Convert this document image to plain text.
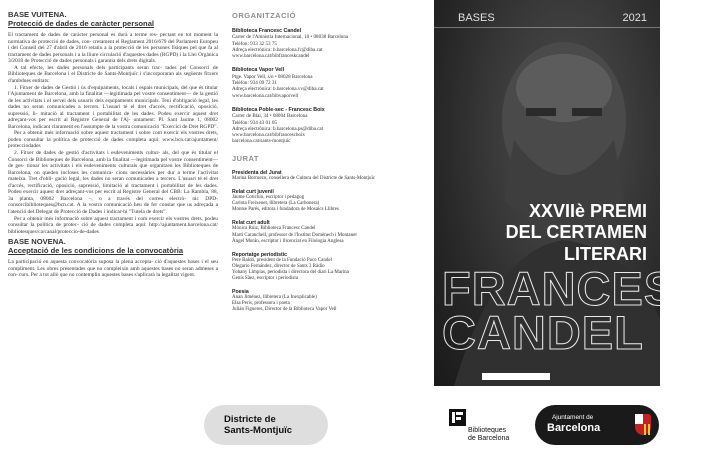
BASE VUITENA.
Protecció de dades de caràcter personal

El tractament de dades de caràcter personal es durà a terme res- pectant en tot moment la normativa de protecció de dades, con- cretament el Reglament 2016/679 del Parlament Europeu i del Consell del 27 d'abril de 2016 relatiu a la protecció de les persones físiques pel que fa al tractament de dades personals i a la lliure circulació d'aquestes dades (RGPD) i la Llei Orgànica 3/2018 de Protecció de dades personals i garantia dels drets digitals.

A tal efecte, les dades personals dels participants seran trac- tades pel Consorci de Biblioteques de Barcelona i el Districte de Sants-Montjuïc i s'incorporaran als següents fitxers d'ambdues entitats:

1. Fitxer de dades de Gestió i ús d'equipaments, locals i espais municipals, del que és titular l'Ajuntament de Barcelona, amb la finalitat —legitimada pel vostre consentiment— de la gestió de les activitats i el servei dels usuaris dels equipaments municipals. Teni d'obligació legal, les dades no seran comunicades a tercers. L'usuari té el dret d'accés, rectificació, oposició, supressió, li- mitació al tractament i portabilitat de les dades. Podeu exercir aquest dret adreçant-vos per escrit al Registre General de l'Aj- untament: Pl. Sant Jaume 1, 08002 Barcelona, indicant clarament en l'assumpte de la vostra comunicació "Exercici de Dret RGPD".

Per a obtenir més informació sobre aquest tractament i sobre com exercir els vostres drets, podeu consultar la política de protecció de dades completa aquí: www.bcn.cat/ajuntament/ protecciodades

2. Fitxer de dades de gestió d'activitats i esdeveniments cultur- als, del que és titular el Consorci de Biblioteques de Barcelona, amb la finalitat —legitimada pel vostre consentiment— de ges- tionar les activitats i els esdeveniments culturals que organitzen les Biblioteques de Barcelona, on queden incloses les comunica- cions necessàries per dur a terme l'activitat mateixa. Tret d'obli- gació legal, les dades no seran comunicades a tercers. L'usuari té el dret d'accés, rectificació, oposició, supressió, limitació al tractament i portabilitat de les dades. Podeu exercir aquest dret adreçant-vos per escrit al Registre General del CBB: La Rambla, 88, 3a planta, 08002 Barcelona –, o a través del correu electrò- nic DPD-consorcibiblioteques@bcn.cat. A la vostra comunicació heu de fer constar que us adreçada a l'atenció del Delegat de Protecció de Dades i indicar-hi "Tutela de drets".

Per a obtenir més informació sobre aquest tractament i com exercir els vostres drets, podeu consultar la política de protec- ció de dades completa aquí: http://ajuntament.barcelona.cat/ bibliotesques/ca/canal/proteccio-de-dades

BASE NOVENA.
Acceptació de les condicions de la convocatòria

La participació en aquesta convocatòria suposa la plena accepta- ció d'aquestes bases i el seu compliment. Les obres presentades que no compleixin amb aquestes bases no seran admeses a con- curs. Per a tot allò que no contemplin aquestes bases s'aplicarà la legalitat vigent.

ORGANITZACIÓ
Biblioteca Francesc Candel
Carrer de l'Amnistia Internacional, 10 • 08038 Barcelona
Telèfon: 933 32 53 75
Adreça electrònica: b.barcelona.fc@diba.cat
www.barcelona.cat/bibfranceskcandel
Biblioteca Vapor Vell
Ptge. Vapor Vell, s/n • 08028 Barcelona
Telèfon: 934 09 72 31
Adreça electrònica: b.barcelona.vv@diba.cat
www.barcelona.cat/bibvaporvell
Biblioteca Poble-sec - Francesc Boix
Carrer de Blai, 34 • 08004 Barcelona
Telèfon: 934 43 01 05
Adreça electrònica: b.barcelona.ps@diba.cat
www.barcelona.cat/bibfrancescboix
barcelona.cat/sants-montjuïc
JURAT
Presidenta del Jurat
Marina Borruezo, consellera de Cultura del Districte de Sants-Montjuïc
Relat curt juvenil
Jaume Cotichio, escriptor i pedagog
Carlota Freixenet, llibretera (La Carbonera)
Montse Parés, editora i fundadora de Mosaics Llibres
Relat curt adult
Mònica Ruiz, Biblioteca Francesc Candel
Martí Caranchell, professor de l'Institut Domènech i Montaner
Àngel Morán, escriptor i llicenciat en Filologia Anglesa
Reportatge periodístic
Pere Baldó, president de la Fundació Paco Candel
Olegario Fernández, director de Sants 3 Ràdio
Yohany Límpias, periodista i directora del diari La Marina
Genís Sàez, escriptor i periodista
Poesia
Anan Jiménez, llibretera (La Inexplicable)
Elsa Perís, professora i poeta
Julián Figueres, Director de la Biblioteca Vapor Vell
Districte de
Sants-Montjuïc	Biblioteques
de Barcelona
Ajuntament de
Barcelona
BASES	2021
XXVIIè PREMI
DEL CERTAMEN
LITERARI
FRANCESC
CANDEL
